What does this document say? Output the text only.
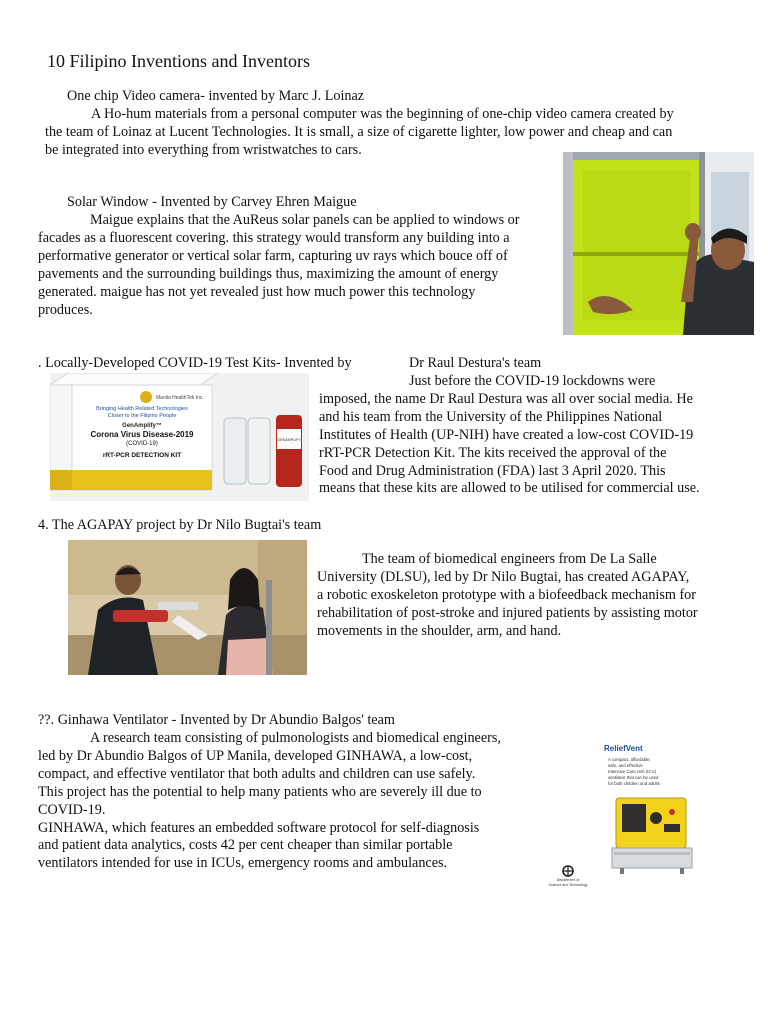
10 Filipino Inventions and Inventors

One chip Video camera- invented by Marc J. Loinaz

A Ho-hum materials from a personal computer was the beginning of one-chip video camera created by
the team of Loinaz at Lucent Technologies. It is small, a size of cigarette lighter, low power and cheap and can
be integrated into everything from wristwatches to cars.

Solar Window - Invented by Carvey Ehren Maigue

Maigue explains that the AuReus solar panels can be applied to windows or
facades as a fluorescent covering. this strategy would transform any building into a
performative generator or vertical solar farm, capturing uv rays which bouce off of
pavements and the surrounding buildings thus, maximizing the amount of energy
generated. maigue has not yet revealed just how much power this technology
produces.

. Locally-Developed COVID-19 Test Kits- Invented by	Dr Raul Destura's team

Just before the COVID-19 lockdowns were
imposed, the name Dr Raul Destura was all over social media. He
and his team from the University of the Philippines National
Institutes of Health (UP-NIH) have created a low-cost COVID-19
rRT-PCR Detection Kit. The kits received the approval of the
Food and Drug Administration (FDA) last 3 April 2020. This
means that these kits are allowed to be utilised for commercial use.
Manila HealthTek Inc.
Bringing Health Related Technologies
Closer to the Filipino People
GenAmplify™
Corona Virus Disease-2019
(COVID-19)
rRT-PCR DETECTION KIT
GENAMPLIFY

4. The AGAPAY project by Dr Nilo Bugtai's team

The team of biomedical engineers from De La Salle
University (DLSU), led by Dr Nilo Bugtai, has created AGAPAY,
a robotic exoskeleton prototype with a biofeedback mechanism for
rehabilitation of post-stroke and injured patients by assisting motor
movements in the shoulder, arm, and hand.

??. Ginhawa Ventilator - Invented by Dr Abundio Balgos' team

A research team consisting of pulmonologists and biomedical engineers,
led by Dr Abundio Balgos of UP Manila, developed GINHAWA, a low-cost,
compact, and effective ventilator that both adults and children can use safely.
This project has the potential to help many patients who are severely ill due to
COVID-19.
GINHAWA, which features an embedded software protocol for self-diagnosis
and patient data analytics, costs 42 per cent cheaper than similar portable
ventilators intended for use in ICUs, emergency rooms and ambulances.
ReliefVent
A compact, affordable,
safe, and effective
Intensive Care Unit (ICU)
ventilator that can be used
for both children and adults
Department of
Science and Technology
